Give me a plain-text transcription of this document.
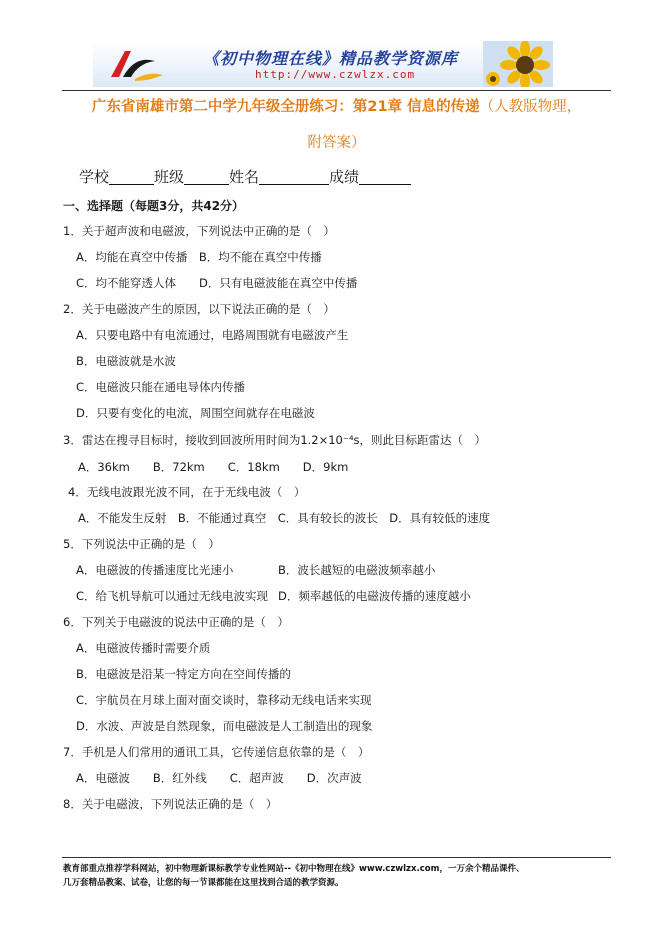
《初中物理在线》精品教学资源库
http://www.czwlzx.com
广东省南雄市第二中学九年级全册练习：第21章 信息的传递（人教版物理，
附答案）
学校	班级	姓名	成绩
一、选择题（每题3分，共42分）
1．关于超声波和电磁波，下列说法中正确的是（　）
A．均能在真空中传播　B．均不能在真空中传播
C．均不能穿透人体　　D．只有电磁波能在真空中传播
2．关于电磁波产生的原因，以下说法正确的是（　）
A．只要电路中有电流通过，电路周围就有电磁波产生
B．电磁波就是水波
C．电磁波只能在通电导体内传播
D．只要有变化的电流，周围空间就存在电磁波
3．雷达在搜寻目标时，接收到回波所用时间为1.2×10⁻⁴s，则此目标距雷达（　）
A．36km　　B．72km　　C．18km　　D．9km
4．无线电波跟光波不同，在于无线电波（　）
A．不能发生反射　B．不能通过真空　C．具有较长的波长　D．具有较低的速度
5．下列说法中正确的是（　）
A．电磁波的传播速度比光速小	B．波长越短的电磁波频率越小
C．给飞机导航可以通过无线电波实现 D．频率越低的电磁波传播的速度越小
6．下列关于电磁波的说法中正确的是（　）
A．电磁波传播时需要介质
B．电磁波是沿某一特定方向在空间传播的
C．宇航员在月球上面对面交谈时，靠移动无线电话来实现
D．水波、声波是自然现象，而电磁波是人工制造出的现象
7．手机是人们常用的通讯工具，它传递信息依靠的是（　）
A．电磁波　　B．红外线　　C．超声波　　D．次声波
8．关于电磁波，下列说法正确的是（　）
教育部重点推荐学科网站，初中物理新课标教学专业性网站--《初中物理在线》www.czwlzx.com，一万余个精品课件、
几万套精品教案、试卷，让您的每一节课都能在这里找到合适的教学资源。
